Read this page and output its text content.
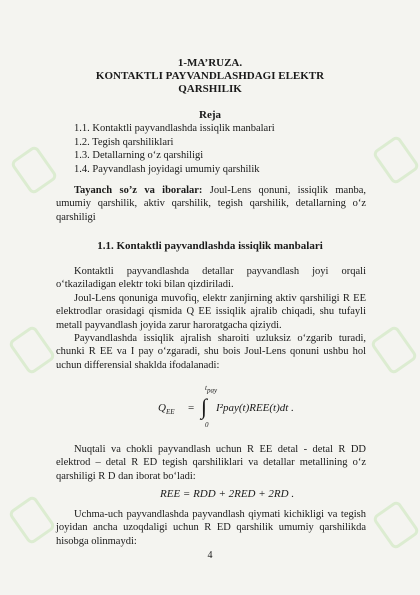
1-MA’RUZA.
KONTAKTLI PAYVANDLASHDAGI ELEKTR
QARSHILIK
Reja
1.1. Kontaktli payvandlashda issiqlik manbalari
1.2. Tegish qarshiliklari
1.3. Detallarning o‘z qarshiligi
1.4. Payvandlash joyidagi umumiy qarshilik
Tayanch so’z va iboralar: Joul-Lens qonuni, issiqlik manba, umumiy qarshilik, aktiv qarshilik, tegish qarshilik, detallarning o‘z qarshiligi
1.1. Kontaktli payvandlashda issiqlik manbalari
Kontaktli payvandlashda detallar payvandlash joyi orqali o‘tkaziladigan elektr toki bilan qizdiriladi.
Joul-Lens qonuniga muvofiq, elektr zanjirning aktiv qarshiligi R EE elektrodlar orasidagi qismida Q EE issiqlik ajralib chiqadi, shu tufayli metall payvandlash joyida zarur haroratgacha qiziydi.
Payvandlashda issiqlik ajralish sharoiti uzluksiz o‘zgarib turadi, chunki R EE va I pay o‘zgaradi, shu bois Joul-Lens qonuni ushbu hol uchun differensial shaklda ifodalanadi:
$Q_{EE}$ =
$t_{pay}$
∫
0
I²pay(t)REE(t)dt .
Nuqtali va chokli payvandlash uchun R EE detal - detal R DD elektrod – detal R ED tegish qarshiliklari va detallar metallining o‘z qarshiligi R D dan iborat bo‘ladi:
REE = RDD + 2RED + 2RD .
Uchma-uch payvandlashda payvandlash qiymati kichikligi va tegish joyidan ancha uzoqdaligi uchun R ED qarshilik umumiy qarshilikda hisobga olinmaydi:
4
